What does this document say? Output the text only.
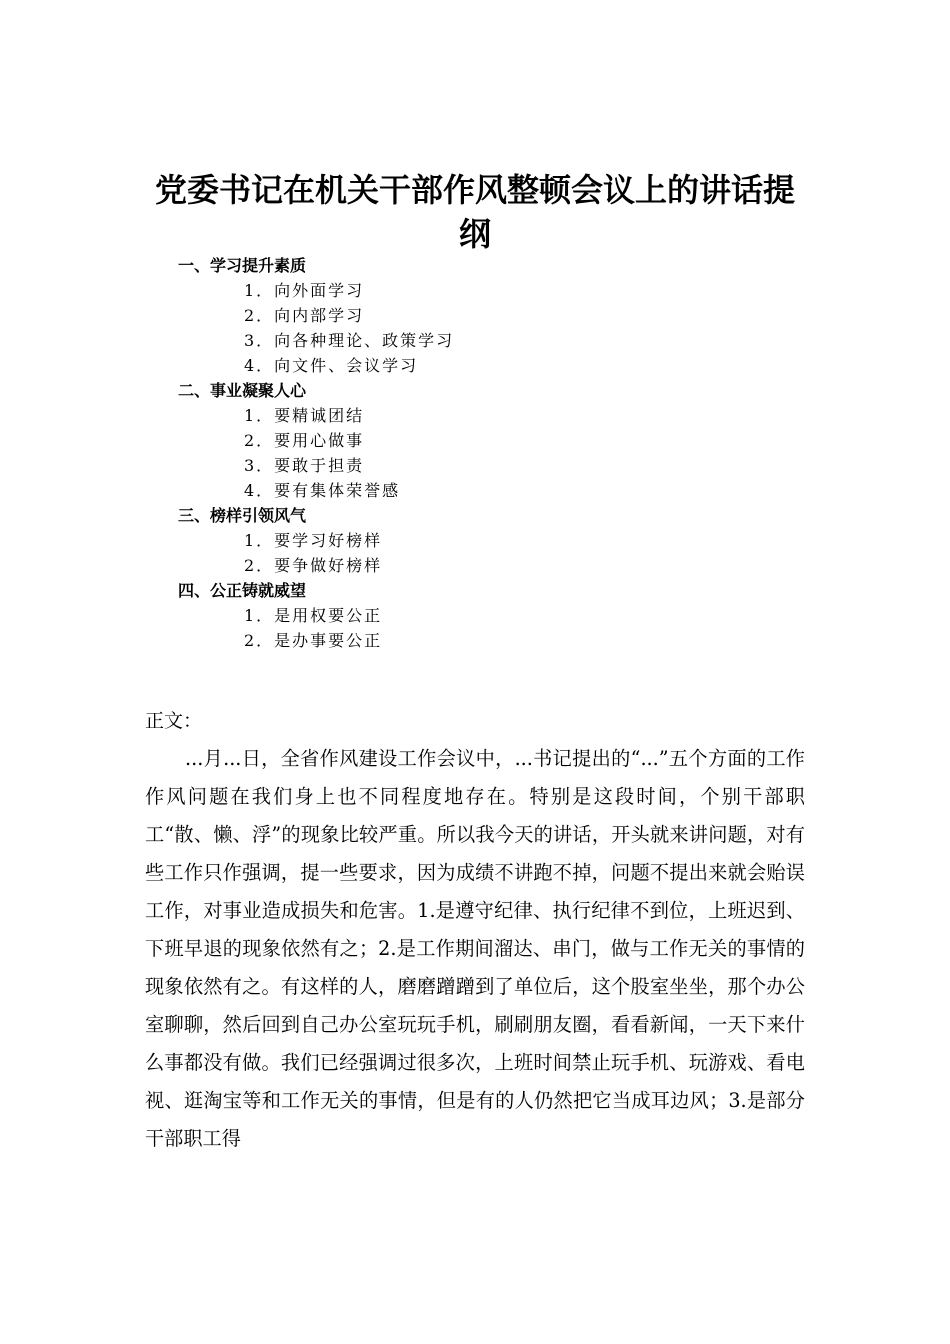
党委书记在机关干部作风整顿会议上的讲话提纲
一、学习提升素质
1．向外面学习
2．向内部学习
3．向各种理论、政策学习
4．向文件、会议学习
二、事业凝聚人心
1．要精诚团结
2．要用心做事
3．要敢于担责
4．要有集体荣誉感
三、榜样引领风气
1．要学习好榜样
2．要争做好榜样
四、公正铸就威望
1．是用权要公正
2．是办事要公正
正文：

...月...日，全省作风建设工作会议中，...书记提出的“...”五个方面的工作作风问题在我们身上也不同程度地存在。特别是这段时间，个别干部职工“散、懒、浮”的现象比较严重。所以我今天的讲话，开头就来讲问题，对有些工作只作强调，提一些要求，因为成绩不讲跑不掉，问题不提出来就会贻误工作，对事业造成损失和危害。1.是遵守纪律、执行纪律不到位，上班迟到、下班早退的现象依然有之；2.是工作期间溜达、串门，做与工作无关的事情的现象依然有之。有这样的人，磨磨蹭蹭到了单位后，这个股室坐坐，那个办公室聊聊，然后回到自己办公室玩玩手机，刷刷朋友圈，看看新闻，一天下来什么事都没有做。我们已经强调过很多次，上班时间禁止玩手机、玩游戏、看电视、逛淘宝等和工作无关的事情，但是有的人仍然把它当成耳边风；3.是部分干部职工得
